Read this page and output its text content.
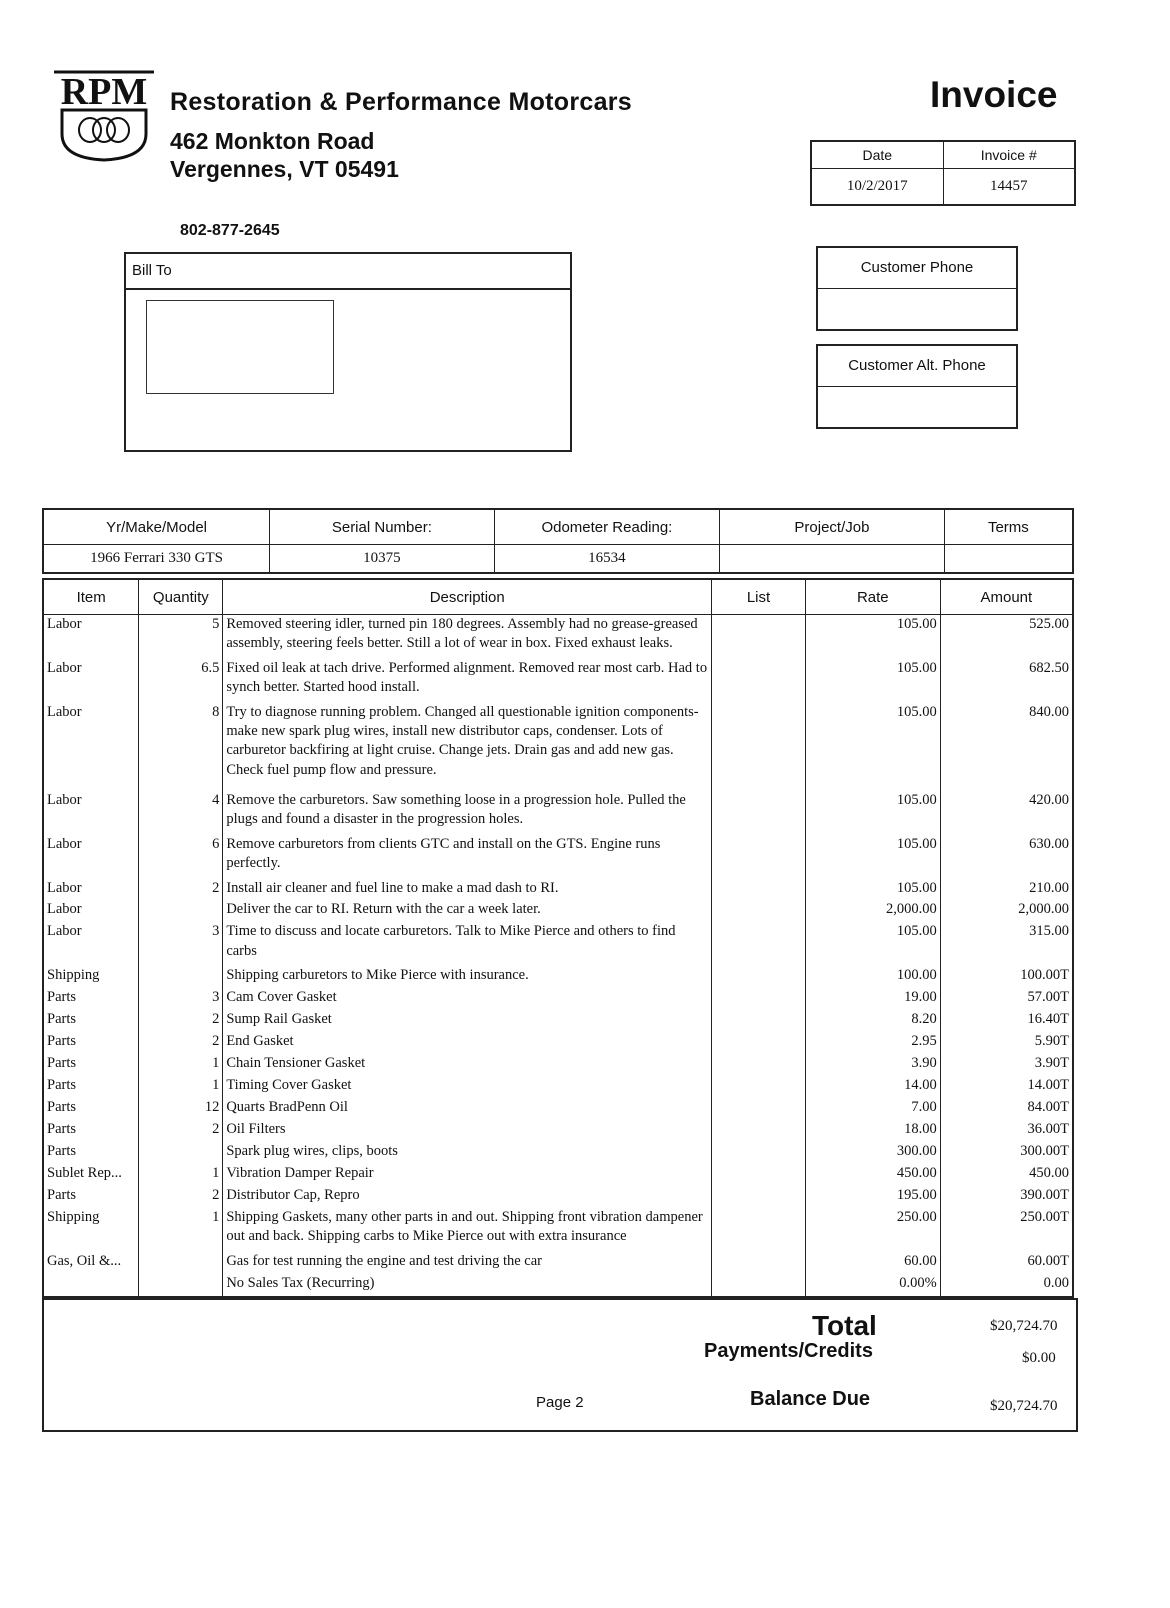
RPM Restoration & Performance Motorcars
462 Monkton Road
Vergennes, VT 05491
802-877-2645
Invoice
Date	Invoice #
10/2/2017	14457
Bill To	Customer Phone
Customer Alt. Phone
Yr/Make/Model	Serial Number:	Odometer Reading:	Project/Job	Terms
1966 Ferrari 330 GTS	10375	16534		
Item	Quantity	Description	List	Rate	Amount
Labor	5	Removed steering idler, turned pin 180 degrees. Assembly had no grease-greased assembly, steering feels better. Still a lot of wear in box. Fixed exhaust leaks.		105.00	525.00
Labor	6.5	Fixed oil leak at tach drive. Performed alignment. Removed rear most carb. Had to synch better. Started hood install.		105.00	682.50
Labor	8	Try to diagnose running problem. Changed all questionable ignition components- make new spark plug wires, install new distributor caps, condenser. Lots of carburetor backfiring at light cruise. Change jets. Drain gas and add new gas. Check fuel pump flow and pressure.		105.00	840.00
Labor	4	Remove the carburetors. Saw something loose in a progression hole. Pulled the plugs and found a disaster in the progression holes.		105.00	420.00
Labor	6	Remove carburetors from clients GTC and install on the GTS. Engine runs perfectly.		105.00	630.00
Labor	2	Install air cleaner and fuel line to make a mad dash to RI.		105.00	210.00
Labor		Deliver the car to RI. Return with the car a week later.		2,000.00	2,000.00
Labor	3	Time to discuss and locate carburetors. Talk to Mike Pierce and others to find carbs		105.00	315.00
Shipping		Shipping carburetors to Mike Pierce with insurance.		100.00	100.00T
Parts	3	Cam Cover Gasket		19.00	57.00T
Parts	2	Sump Rail Gasket		8.20	16.40T
Parts	2	End Gasket		2.95	5.90T
Parts	1	Chain Tensioner Gasket		3.90	3.90T
Parts	1	Timing Cover Gasket		14.00	14.00T
Parts	12	Quarts BradPenn Oil		7.00	84.00T
Parts	2	Oil Filters		18.00	36.00T
Parts		Spark plug wires, clips, boots		300.00	300.00T
Sublet Rep...	1	Vibration Damper Repair		450.00	450.00
Parts	2	Distributor Cap, Repro		195.00	390.00T
Shipping	1	Shipping Gaskets, many other parts in and out. Shipping front vibration dampener out and back. Shipping carbs to Mike Pierce out with extra insurance		250.00	250.00T
Gas, Oil &...		Gas for test running the engine and test driving the car		60.00	60.00T
		No Sales Tax (Recurring)		0.00%	0.00

Total	$20,724.70
Payments/Credits	$0.00
Page 2	Balance Due	$20,724.70
